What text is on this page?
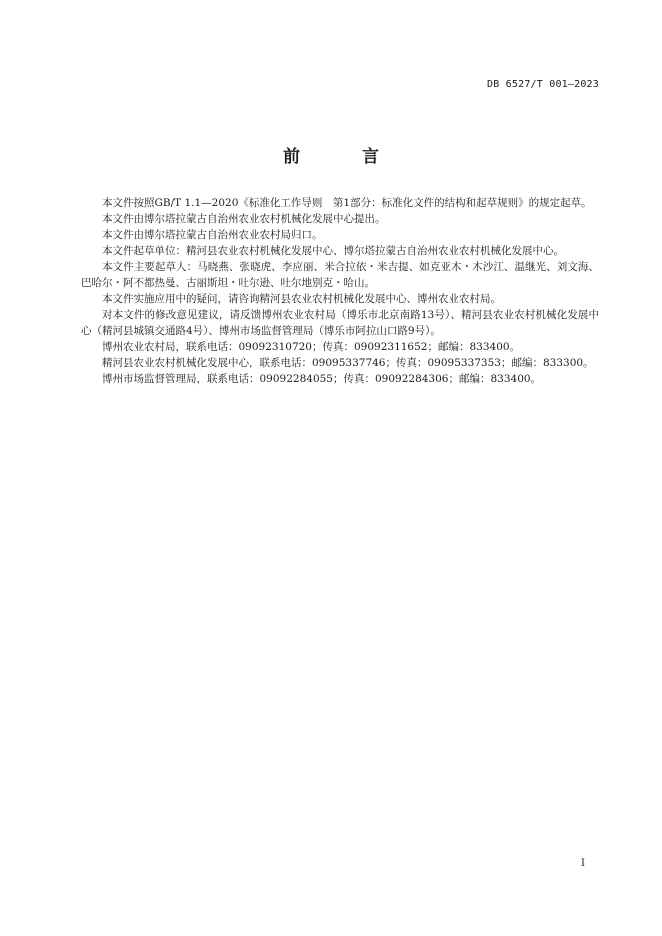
DB 6527/T 001—2023
前 言

本文件按照GB/T 1.1—2020《标准化工作导则　第1部分：标准化文件的结构和起草规则》的规定起草。

本文件由博尔塔拉蒙古自治州农业农村机械化发展中心提出。

本文件由博尔塔拉蒙古自治州农业农村局归口。

本文件起草单位：精河县农业农村机械化发展中心、博尔塔拉蒙古自治州农业农村机械化发展中心。

本文件主要起草人：马晓燕、张晓虎、李应丽、米合拉依・米吉提、如克亚木・木沙江、温继光、刘文海、巴哈尔・阿不都热曼、古丽斯坦・吐尔逊、吐尔地别克・哈山。

本文件实施应用中的疑问，请咨询精河县农业农村机械化发展中心、博州农业农村局。

对本文件的修改意见建议，请反馈博州农业农村局（博乐市北京南路13号）、精河县农业农村机械化发展中心（精河县城镇交通路4号）、博州市场监督管理局（博乐市阿拉山口路9号）。

博州农业农村局，联系电话：09092310720；传真：09092311652；邮编：833400。

精河县农业农村机械化发展中心，联系电话：09095337746；传真：09095337353；邮编：833300。

博州市场监督管理局，联系电话：09092284055；传真：09092284306；邮编：833400。

I
